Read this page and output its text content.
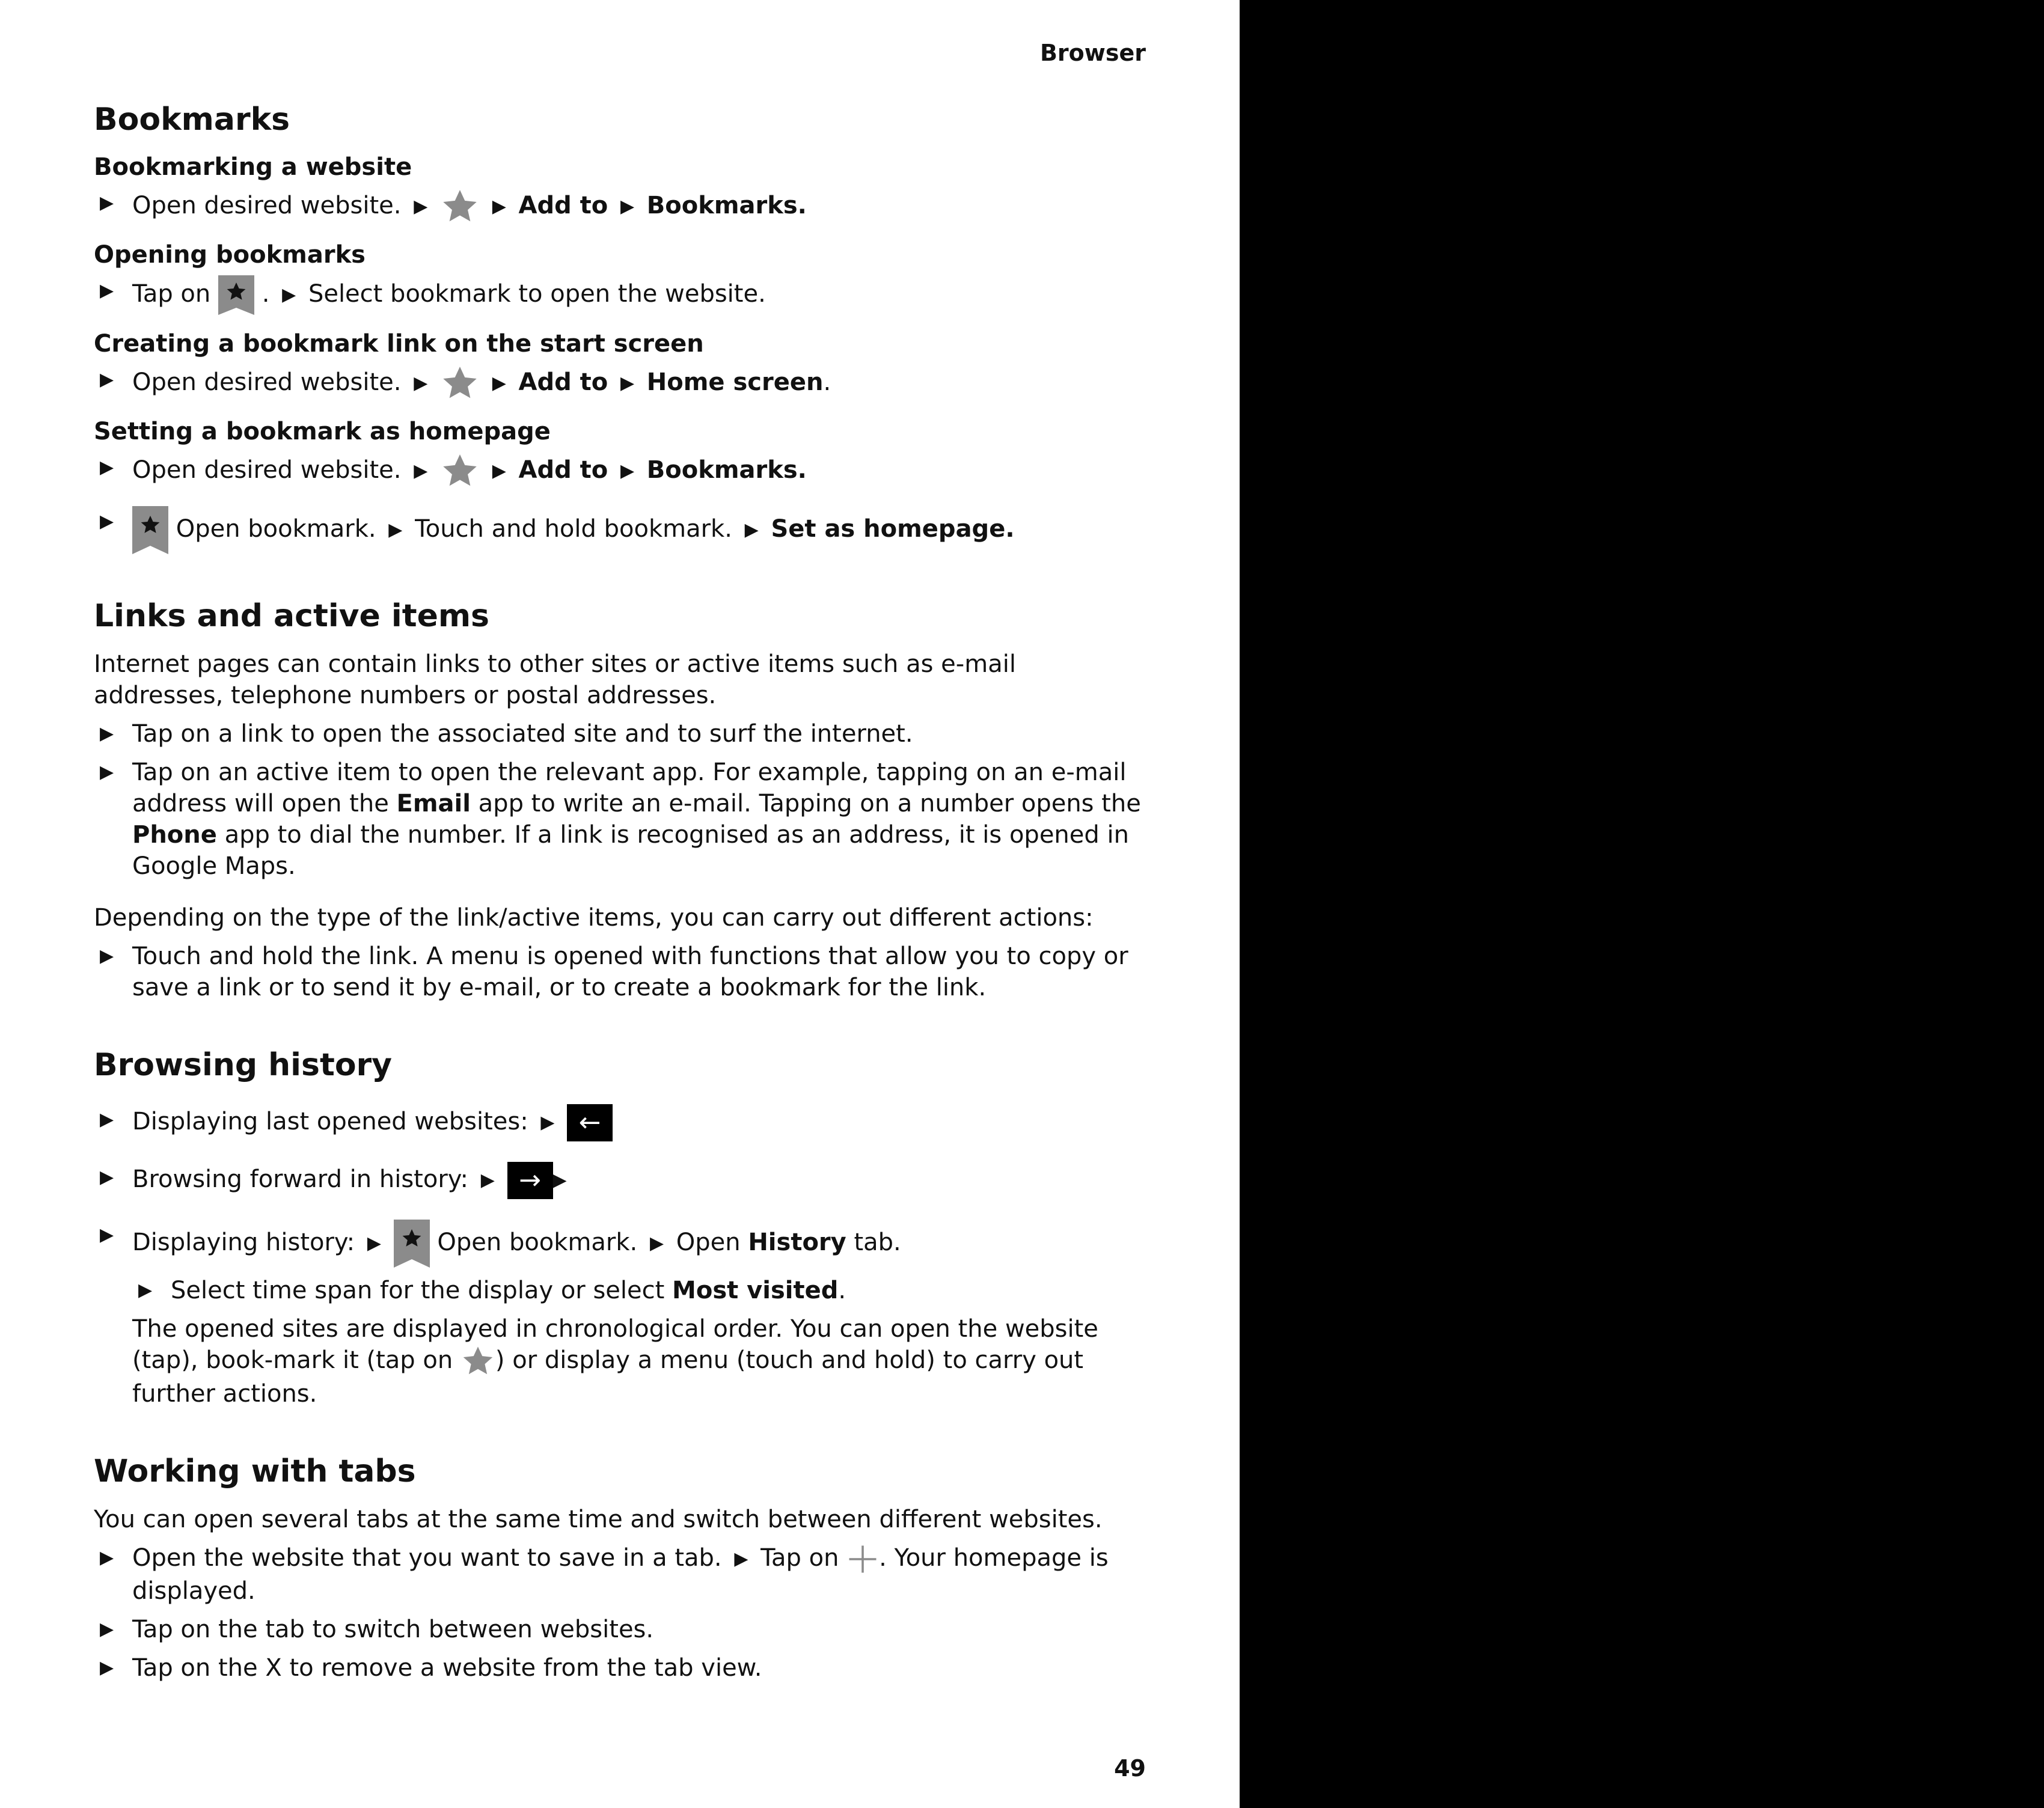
Browser
Bookmarks
Bookmarking a website
▶ Open desired website. ▶	▶ Add to ▶ Bookmarks.
Opening bookmarks
▶ Tap on . ▶ Select bookmark to open the website.
Creating a bookmark link on the start screen
▶ Open desired website. ▶	▶ Add to ▶ Home screen.
Setting a bookmark as homepage
▶ Open desired website. ▶	▶ Add to ▶ Bookmarks.
▶	Open bookmark. ▶ Touch and hold bookmark. ▶ Set as homepage.
Links and active items
Internet pages can contain links to other sites or active items such as e-mail addresses, telephone numbers or postal addresses.
▶ Tap on a link to open the associated site and to surf the internet.
▶ Tap on an active item to open the relevant app. For example, tapping on an e-mail address will open the Email app to write an e-mail. Tapping on a number opens the Phone app to dial the number. If a link is recognised as an address, it is opened in Google Maps.
Depending on the type of the link/active items, you can carry out different actions:
▶ Touch and hold the link. A menu is opened with functions that allow you to copy or save a link or to send it by e-mail, or to create a bookmark for the link.
Browsing history
▶ Displaying last opened websites: ▶ ←
▶ Browsing forward in history: ▶ → ▶
▶ Displaying history: ▶ Open bookmark. ▶ Open History tab.
▶ Select time span for the display or select Most visited.
The opened sites are displayed in chronological order. You can open the website (tap), book-mark it (tap on ) or display a menu (touch and hold) to carry out further actions.
Working with tabs
You can open several tabs at the same time and switch between different websites.
▶ Open the website that you want to save in a tab. ▶ Tap on . Your homepage is displayed.
▶ Tap on the tab to switch between websites.
▶ Tap on the X to remove a website from the tab view.
49
